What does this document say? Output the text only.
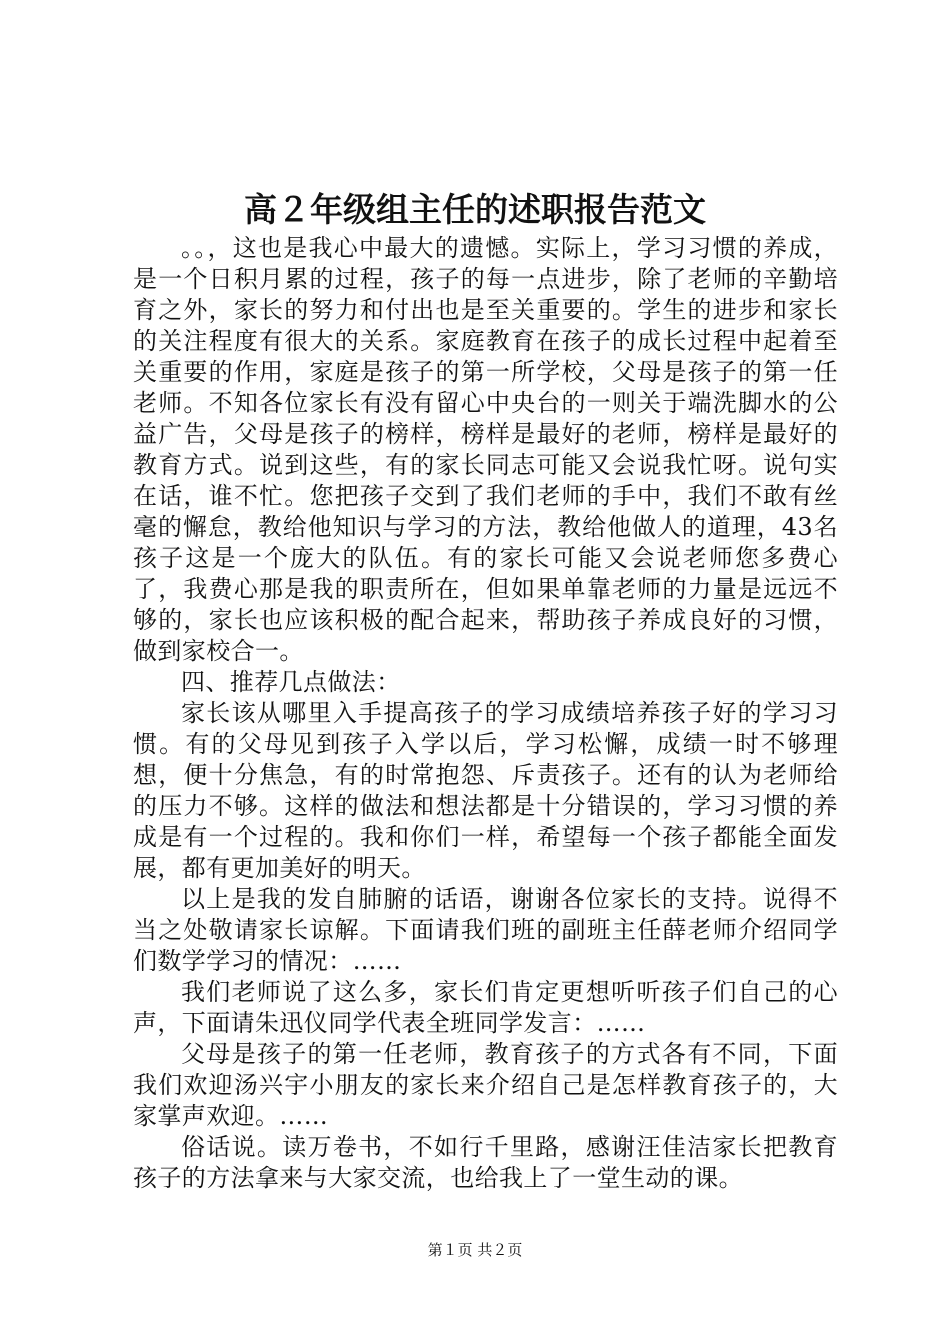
高２年级组主任的述职报告范文

。。，这也是我心中最大的遗憾。实际上，学习习惯的养成，是一个日积月累的过程，孩子的每一点进步，除了老师的辛勤培育之外，家长的努力和付出也是至关重要的。学生的进步和家长的关注程度有很大的关系。家庭教育在孩子的成长过程中起着至关重要的作用，家庭是孩子的第一所学校，父母是孩子的第一任老师。不知各位家长有没有留心中央台的一则关于端洗脚水的公益广告，父母是孩子的榜样，榜样是最好的老师，榜样是最好的教育方式。说到这些，有的家长同志可能又会说我忙呀。说句实在话，谁不忙。您把孩子交到了我们老师的手中，我们不敢有丝毫的懈怠，教给他知识与学习的方法，教给他做人的道理，43名孩子这是一个庞大的队伍。有的家长可能又会说老师您多费心了，我费心那是我的职责所在，但如果单靠老师的力量是远远不够的，家长也应该积极的配合起来，帮助孩子养成良好的习惯，做到家校合一。

四、推荐几点做法：

家长该从哪里入手提高孩子的学习成绩培养孩子好的学习习惯。有的父母见到孩子入学以后，学习松懈，成绩一时不够理想，便十分焦急，有的时常抱怨、斥责孩子。还有的认为老师给的压力不够。这样的做法和想法都是十分错误的，学习习惯的养成是有一个过程的。我和你们一样，希望每一个孩子都能全面发展，都有更加美好的明天。

以上是我的发自肺腑的话语，谢谢各位家长的支持。说得不当之处敬请家长谅解。下面请我们班的副班主任薛老师介绍同学们数学学习的情况：……

我们老师说了这么多，家长们肯定更想听听孩子们自己的心声，下面请朱迅仪同学代表全班同学发言：……

父母是孩子的第一任老师，教育孩子的方式各有不同，下面我们欢迎汤兴宇小朋友的家长来介绍自己是怎样教育孩子的，大家掌声欢迎。……

俗话说。读万卷书，不如行千里路，感谢汪佳洁家长把教育孩子的方法拿来与大家交流，也给我上了一堂生动的课。

第１页 共２页
